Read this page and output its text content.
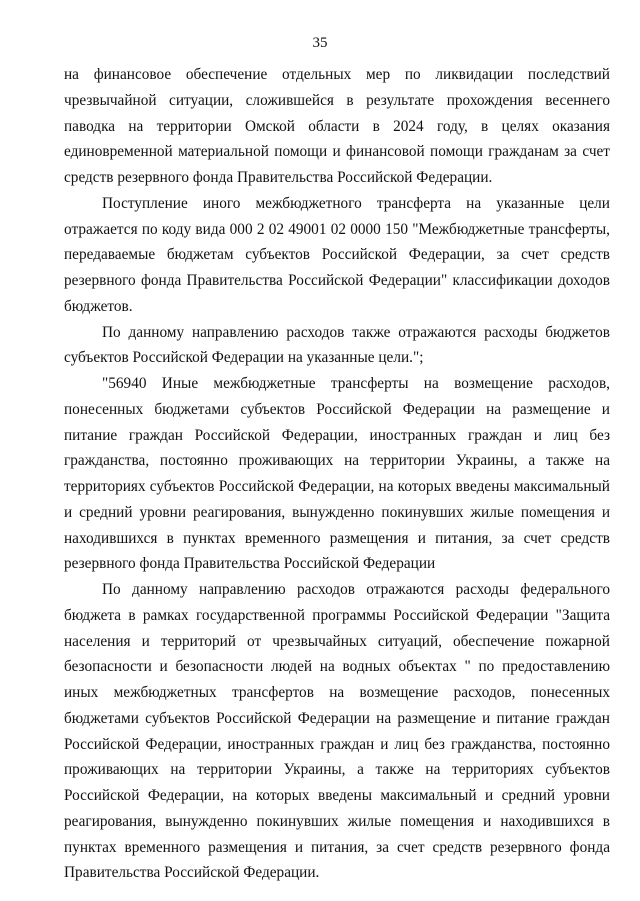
35

на финансовое обеспечение отдельных мер по ликвидации последствий чрезвычайной ситуации, сложившейся в результате прохождения весеннего паводка на территории Омской области в 2024 году, в целях оказания единовременной материальной помощи и финансовой помощи гражданам за счет средств резервного фонда Правительства Российской Федерации.

Поступление иного межбюджетного трансферта на указанные цели отражается по коду вида 000 2 02 49001 02 0000 150 "Межбюджетные трансферты, передаваемые бюджетам субъектов Российской Федерации, за счет средств резервного фонда Правительства Российской Федерации" классификации доходов бюджетов.

По данному направлению расходов также отражаются расходы бюджетов субъектов Российской Федерации на указанные цели.";

"56940 Иные межбюджетные трансферты на возмещение расходов, понесенных бюджетами субъектов Российской Федерации на размещение и питание граждан Российской Федерации, иностранных граждан и лиц без гражданства, постоянно проживающих на территории Украины, а также на территориях субъектов Российской Федерации, на которых введены максимальный и средний уровни реагирования, вынужденно покинувших жилые помещения и находившихся в пунктах временного размещения и питания, за счет средств резервного фонда Правительства Российской Федерации

По данному направлению расходов отражаются расходы федерального бюджета в рамках государственной программы Российской Федерации "Защита населения и территорий от чрезвычайных ситуаций, обеспечение пожарной безопасности и безопасности людей на водных объектах " по предоставлению иных межбюджетных трансфертов на возмещение расходов, понесенных бюджетами субъектов Российской Федерации на размещение и питание граждан Российской Федерации, иностранных граждан и лиц без гражданства, постоянно проживающих на территории Украины, а также на территориях субъектов Российской Федерации, на которых введены максимальный и средний уровни реагирования, вынужденно покинувших жилые помещения и находившихся в пунктах временного размещения и питания, за счет средств резервного фонда Правительства Российской Федерации.
